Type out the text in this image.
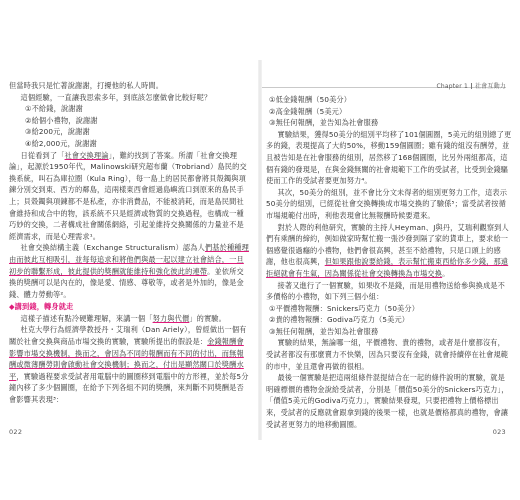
但當時我只是忙著說謝謝，打擾他的私人時間。

這個經驗，一直讓我思索多年，到底該怎麼做會比較好呢？

①不給錢，說謝謝

②給個小禮物，說謝謝

③給200元，說謝謝

④給2,000元，說謝謝

日從看到了「社會交換理論」，難約找到了答案。所謂「社會交換理論」，起源於1950年代，Malinowski研究超布蘭（Trobriand）島民的交換系統，叫石為庫拉圈（Kula Ring），每一島上的居民都會將貝殼鐲與項鍊分別交到東、西方的鄰島，這兩樣東西會經過島嶼流口到原來的島民手上；貝殼鐲與項鍊都不是私產，亦非消費品，不能被消耗，而是島民間社會維持和成合中的物，該系統不只是經濟或物質的交換過程，也構成一種巧妙的交換，二者構成社會關係網絡，引起並維持交換關係的力量並不是經濟需求，而是心理需求¹。

社會交換結構主義（Exchange Structuralism）認為人們基於種種理由而彼此互相吸引，並每每追求和將他們與最一起以建立社會結合，一旦初步的聯繫形成，彼此提供的獎酬就能維持和強化彼此的連帶。並依所交換的獎酬可以是內在的，像是愛、情感、尊敬等，或者是外加的，像是金錢、體力勞動等²。

◆講到錢，轉身就走

這樣子描述有點冷硬難理解，來講一個「努力與代價」的實驗。

杜克大學行為經濟學教授丹・艾瑞利（Dan Ariely），曾經做出一個有關於社會交換與商品市場交換的實驗，實驗所提出的假設是：金錢報酬會影響市場交換機制，換而之，會因為不同的報酬而有不同的付出，而無報酬或微薄酬勞則會啟動社會交換機制；換而之，付出是顯然關口於獎酬水平，實驗過程要求受試者用電腦中的圖圈移到電腦中的方形裡，並於每5分鐘內移了多少個圖圈，在給予下列各組不同的獎酬，來判斷不同獎酬是否會影響其表現³：

022
Chapter 1 社會互動力

①低金錢報酬（50美分）

②高金錢報酬（5美元）

③無任何報酬，並告知為社會服務

實驗結果，獲得50美分的組別平均移了101個圓圈，5美元的組別總了更多的錢，表現提高了大約50%，移動159個圓圈；雖有錢的組沒有酬勞，並且被告知是在社會服務的組別，居然移了168個圓圈，比另外兩組都高，這個有錢的發現是，在與金錢無關的社會規範下工作的受試者，比受到金錢驅使而工作的受試者要更加努力⁴。

其次，50美分的組別，並不會比分文未得者的組別更努力工作，這表示50美分的組別，已經從社會交換轉換成市場交換的了驗係⁵；當受試者按循市場規範付出時，利他表現會比無報酬時候要還來。

對於人際的利他研究，實驗的主持人Heyman、J與丹，艾瑞利觀察到人們有乘酬的締約，例如做家時幫忙搬一張沙發到隔了家的貨車上，要求給一個感覺很過癮的小禮物，他們會很高興，甚至不給禮物，只是口頭上的感謝，他也很高興，但如果跟他說要給錢，表示幫忙搬東西給你多少錢，那遠拒絕就會有生氣，因為關係從社會交換轉換為市場交換。

接著又進行了一個實驗，如果收不是錢，而是用禮物送給參與換成是不多價格的小禮物，如下列三個小組：

①平價禮物報酬：Snickers巧克力（50美分）

②貴的禮物報酬：Godiva巧克力（5美元）

③無任何報酬，並告知為社會服務

實驗的結果，無論哪一組，平價禮物、貴的禮物，或者是什麼都沒有，受試者都沒有那麼賣力不快樂，因為只要沒有金錢，就會持續停在社會規範的市中，並且還會再做的很相。

最後一個實驗是把這兩組條件混提結合在一起的條件說明的實驗，就是明確標價的禮物金說給受試者，分別是「價值50美分的Snickers巧克力」，「價值5美元的Godiva巧克力」，實驗結果發現，只要把禮物上價格標出來，受試者的反應就會跟拿到錢的後果一樣，也就是價格都真的禮物，會讓受試者更努力的地移動圓圈。

023
